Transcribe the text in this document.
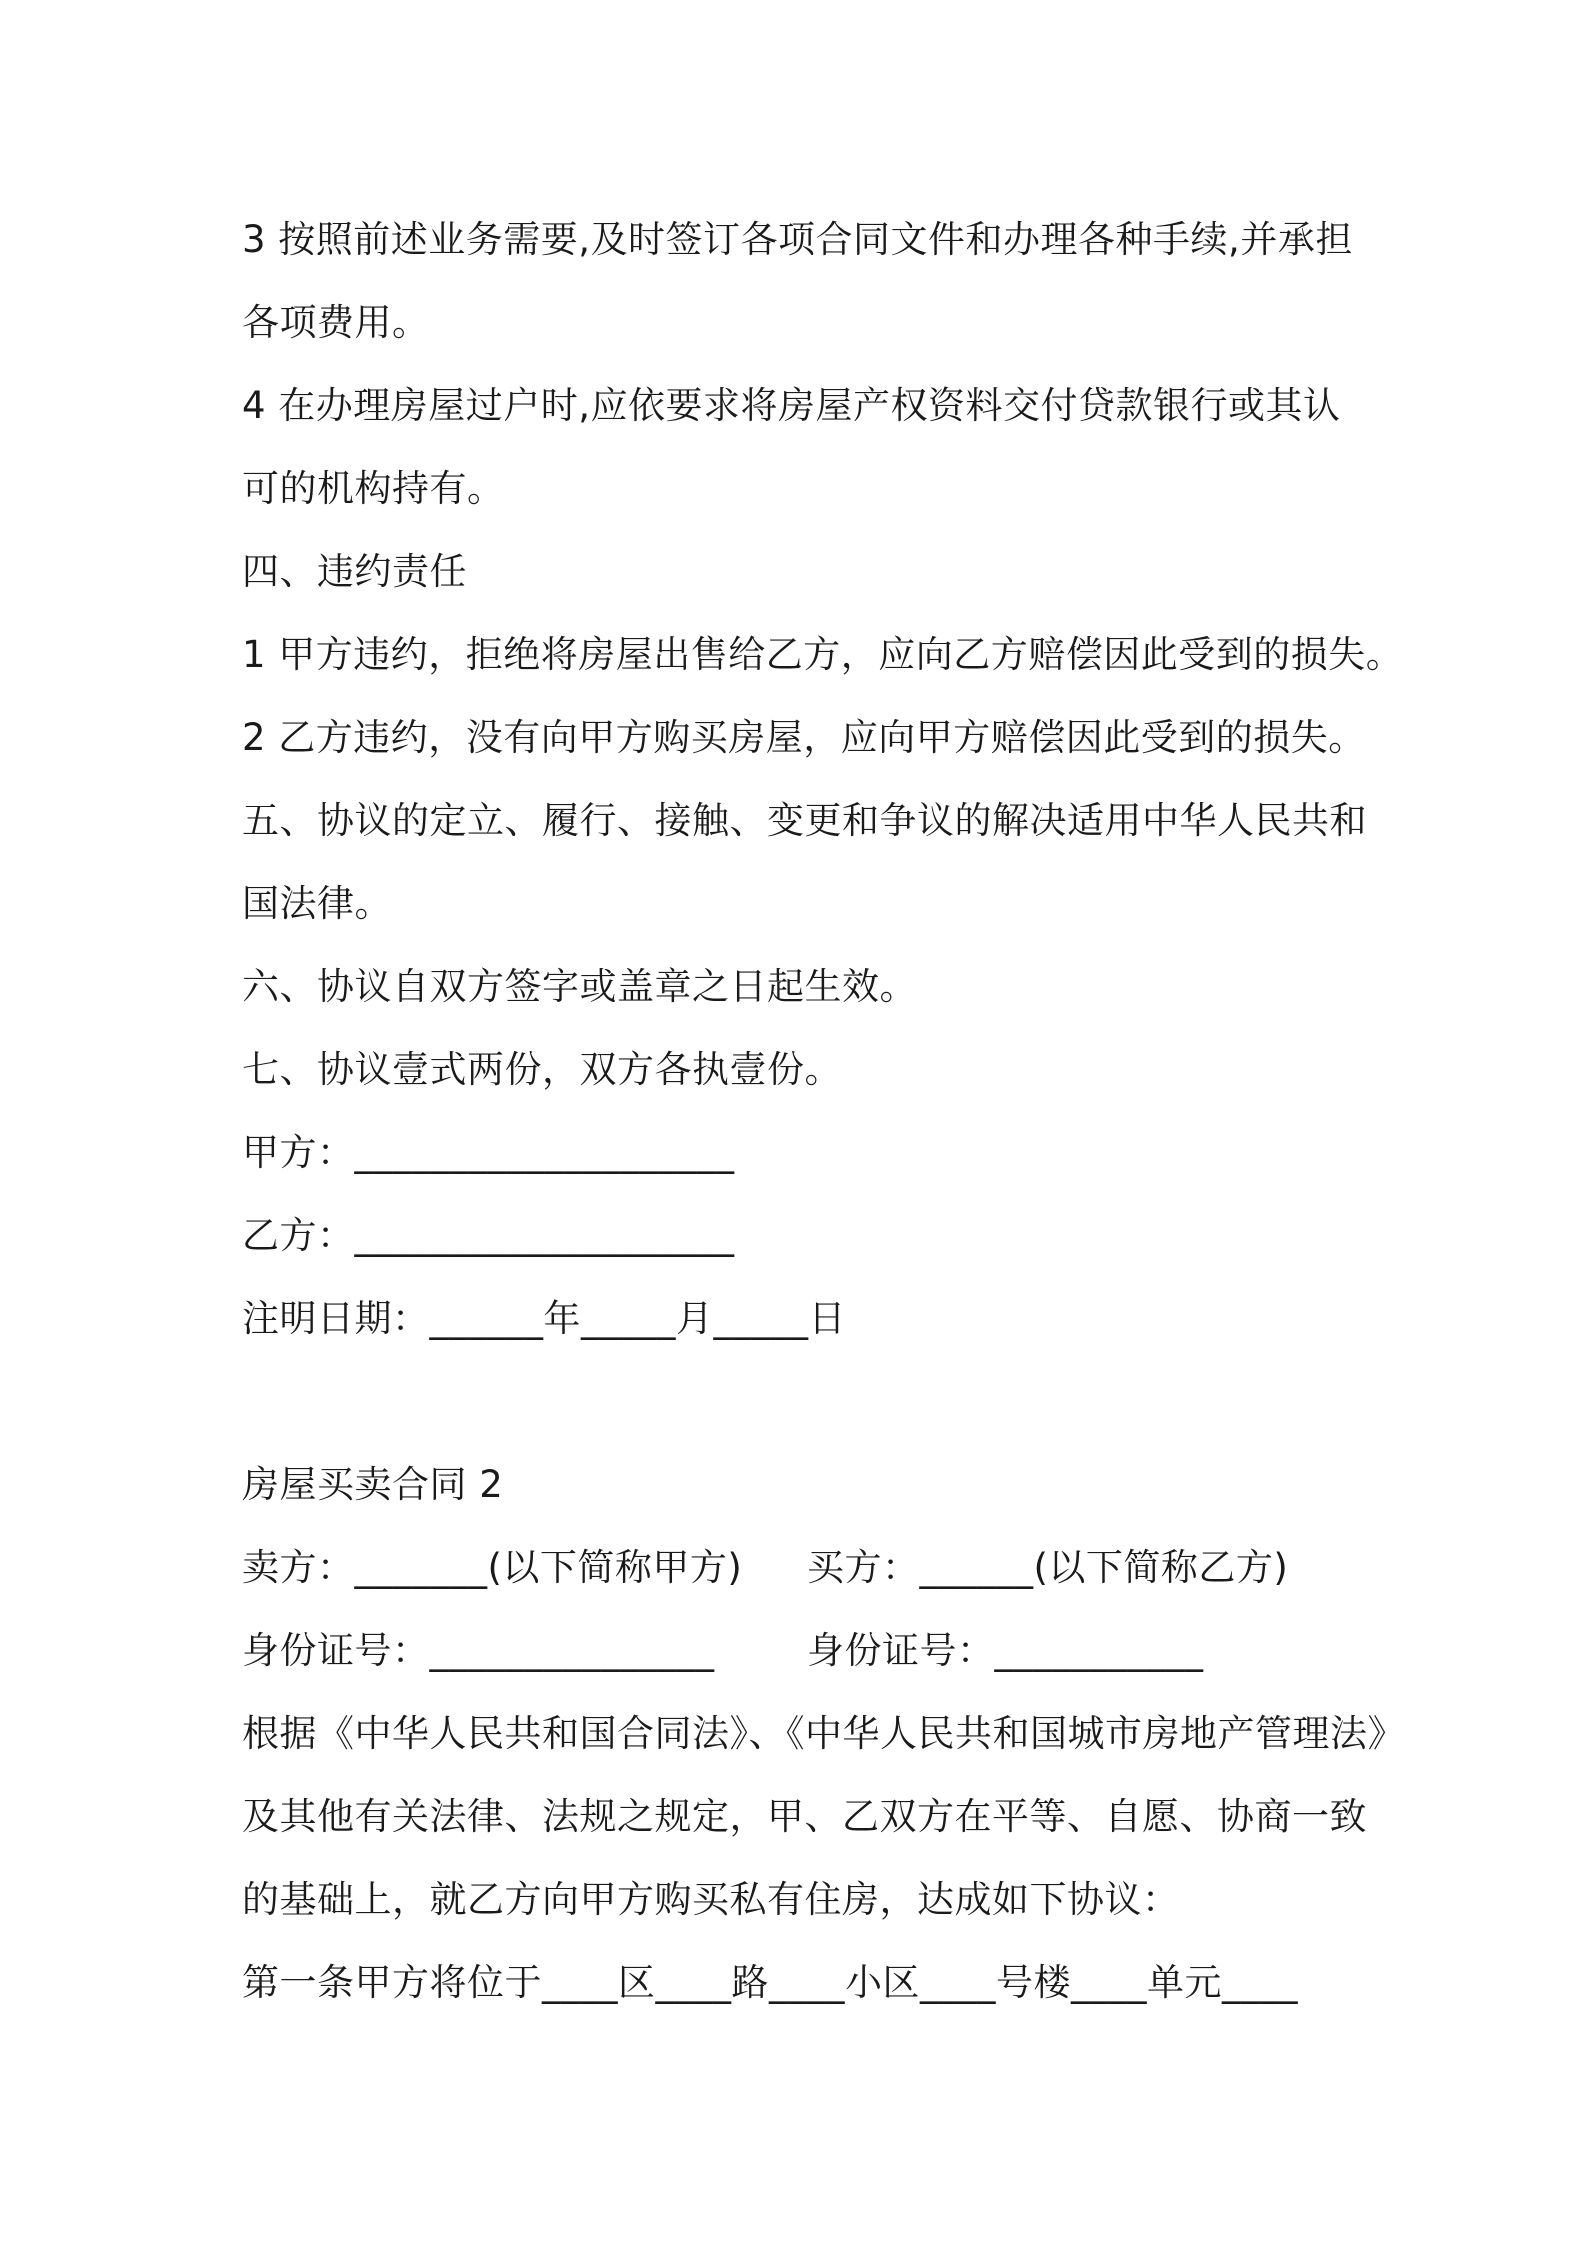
3 按照前述业务需要,及时签订各项合同文件和办理各种手续,并承担
各项费用。
4 在办理房屋过户时,应依要求将房屋产权资料交付贷款银行或其认
可的机构持有。
四、违约责任
1 甲方违约，拒绝将房屋出售给乙方，应向乙方赔偿因此受到的损失。
2 乙方违约，没有向甲方购买房屋，应向甲方赔偿因此受到的损失。
五、协议的定立、履行、接触、变更和争议的解决适用中华人民共和
国法律。
六、协议自双方签字或盖章之日起生效。
七、协议壹式两份，双方各执壹份。
甲方：____________________
乙方：____________________
注明日期：______年_____月_____日
房屋买卖合同 2
卖方：_______(以下简称甲方)	买方：______(以下简称乙方)
身份证号：_______________	身份证号：___________
根据《中华人民共和国合同法》、《中华人民共和国城市房地产管理法》
及其他有关法律、法规之规定，甲、乙双方在平等、自愿、协商一致
的基础上，就乙方向甲方购买私有住房，达成如下协议：
第一条甲方将位于____区____路____小区____号楼____单元____
